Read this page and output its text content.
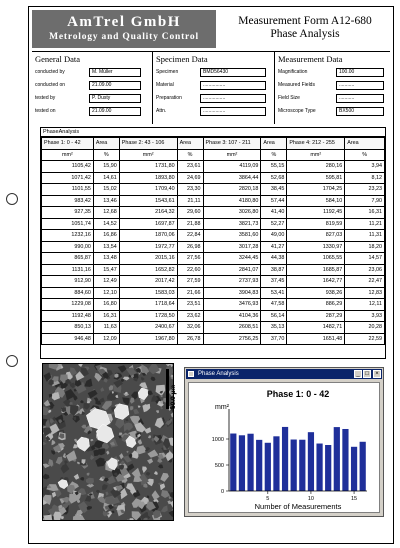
AmTrel GmbH
Metrology and Quality Control
Measurement Form A12-680
Phase Analysis
General Data
conducted by	M. Müller
conducted on	21.09.00
tested by	P. Dusty
tested on	21.09.00
Specimen Data
Specimen	BMD56430
Material	................
Preparation	................
Attn.	................
Measurement Data
Magnification	100.00
Measured Fields	...........
Field Size	...........
Microscope Type	BX500
PhaseAnalysis
Phase 1: 0 - 42	Area	Phase 2: 43 - 106	Area	Phase 3: 107 - 211	Area	Phase 4: 212 - 255	Area
mm²	%	mm²	%	mm²	%	mm²	%
1105,42	15,90	1731,80	23,61	4119,09	55,15	280,16	3,94
1071,42	14,61	1893,80	24,69	3864,44	52,68	595,81	8,12
1101,55	15,02	1709,40	23,30	2820,18	38,45	1704,25	23,23
983,42	13,46	1543,61	21,11	4180,80	57,44	584,10	7,90
927,35	12,68	2164,32	29,60	3026,80	41,40	1192,45	16,31
1051,74	14,52	1697,87	21,88	3821,73	52,27	819,59	11,21
1232,16	16,86	1870,06	22,84	3581,60	49,00	827,03	11,31
990,00	13,54	1972,77	26,98	3017,28	41,27	1330,97	18,20
865,87	13,48	2015,16	27,56	3244,45	44,38	1065,55	14,57
1131,16	15,47	1652,82	22,60	2841,07	38,87	1685,87	23,06
912,90	12,49	2017,42	27,59	2737,93	37,45	1642,77	22,47
884,60	12,10	1583,03	21,66	3904,83	53,41	938,26	12,83
1229,08	16,80	1718,64	23,51	3476,93	47,58	886,29	12,11
1192,48	16,31	1728,50	23,62	4104,36	56,14	287,29	3,93
850,13	11,63	2400,67	32,06	2608,51	35,13	1482,71	20,28
946,48	12,09	1967,80	26,78	2756,25	37,70	1651,48	22,59
50.0 µm
Phase Analysis	_ □	×
Phase 1: 0 - 42
mm²
0
500
1000
5	10	15
Number of Measurements
